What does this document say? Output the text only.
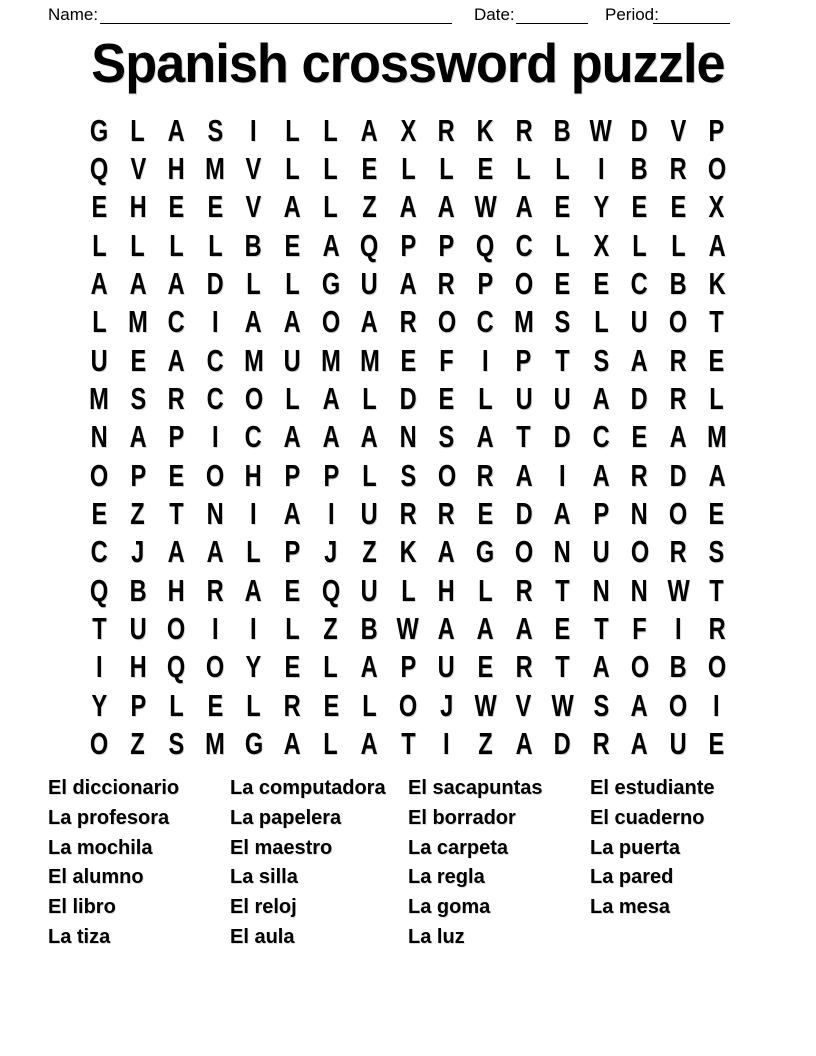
Name:	Date:	Period:
Spanish crossword puzzle
G L A S I L L A X R K R B W D V P
Q V H M V L L E L L E L L I B R O
E H E E V A L Z A A W A E Y E E X
L L L L B E A Q P P Q C L X L L A
A A A D L L G U A R P O E E C B K
L M C I A A O A R O C M S L U O T
U E A C M U M M E F I P T S A R E
M S R C O L A L D E L U U A D R L
N A P I C A A A N S A T D C E A M
O P E O H P P L S O R A I A R D A
E Z T N I A I U R R E D A P N O E
C J A A L P J Z K A G O N U O R S
Q B H R A E Q U L H L R T N N W T
T U O I I L Z B W A A A E T F I R
I H Q O Y E L A P U E R T A O B O
Y P L E L R E L O J W V W S A O I
O Z S M G A L A T I Z A D R A U E
El diccionario
La profesora
La mochila
El alumno
El libro
La tiza
La computadora
La papelera
El maestro
La silla
El reloj
El aula
El sacapuntas
El borrador
La carpeta
La regla
La goma
La luz
El estudiante
El cuaderno
La puerta
La pared
La mesa
